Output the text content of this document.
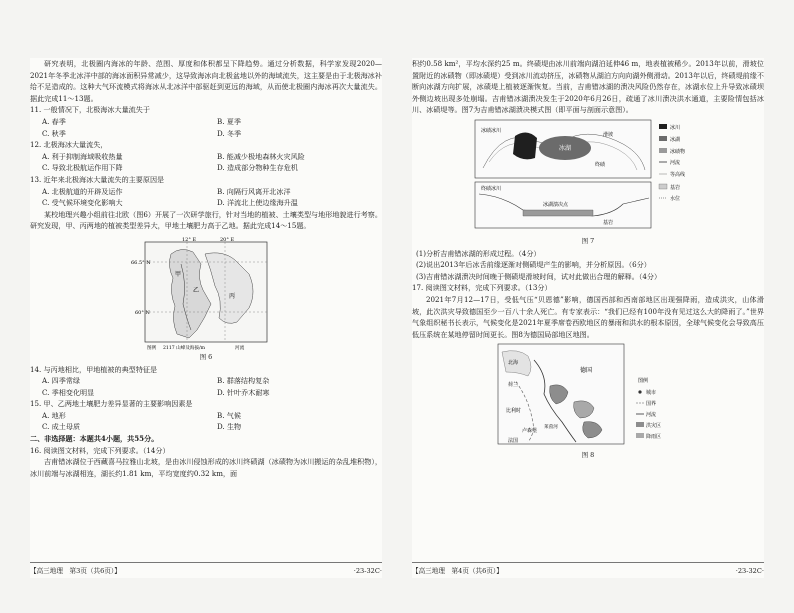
研究表明，北极圈内海冰的年龄、范围、厚度和体积都呈下降趋势。通过分析数据，科学家发现2020—2021年冬季北冰洋中部的海冰面积异常减少，这导致海冰向北极盆地以外的海域流失，这主要是由于北极海冰补给不足造成的。这种大气环流模式将海冰从北冰洋中部驱赶到更远的海域，从而使北极圈内海冰再次大量流失。据此完成11～13题。

11. 一般情况下，北极海冰大量流失于

A. 春季	B. 夏季
C. 秋季	D. 冬季

12. 北极海冰大量流失，

A. 利于抑制海域吸收热量	B. 能减少极地森林火灾风险
C. 导致北极航运作用下降	D. 造成部分物种生存危机

13. 近年来北极海冰大量流失的主要原因是

A. 北极航道的开辟及运作	B. 向隔行风离开北冰洋
C. 受气候环境变化影响大	D. 洋流北上使边缘海升温

某校地理兴趣小组前往北欧（图6）开展了一次研学旅行，针对当地的植被、土壤类型与地形地貌进行考察。研究发现，甲、丙两地的植被类型差异大，甲地土壤肥力高于乙地。据此完成14～15题。

66.5° N
60° N
12° E	20° E
甲
乙
丙
图例 2117 山峰及海拔/m	河流

图 6

14. 与丙地相比，甲地植被的典型特征是

A. 四季常绿	B. 群落结构复杂
C. 季相变化明显	D. 针叶乔木耐寒

15. 甲、乙两地土壤肥力差异显著的主要影响因素是

A. 地形	B. 气候
C. 成土母质	D. 生物

二、非选择题：本题共4小题，共55分。

16. 阅读图文材料，完成下列要求。（14分）

吉甫错冰湖位于西藏喜马拉雅山北坡，是由冰川侵蚀形成的冰川终碛湖（冰碛物为冰川搬运的杂乱堆积物），冰川前端与冰湖相连，湖长约1.81 km，平均宽度约0.32 km，面

【高三地理　第3页（共6页）】	·23-32C·

积约0.58 km²，平均水深约25 m。终碛堤由冰川前端向湖泊延伸46 m，地表植被稀少。2013年以前，滑坡位置附近的冰碛物（即冰碛堤）受到冰川流动挤压，冰碛物从湖泊方向向湖外侧滑动。2013年以后，终碛堤前缘不断向冰湖方向扩展，冰碛堤上植被逐渐恢复。当前，吉甫错冰湖的溃决风险仍然存在，冰湖水位上升导致冰碛坝外侧边坡出现多处崩塌。吉甫错冰湖溃决发生于2020年6月26日，疏通了冰川溃决洪水通道，主要险情包括冰川、冰碛堤等。图7为吉甫错冰湖溃决模式图（即平面与剖面示意图）。

冰碛冰川
冰湖
终碛
滑坡
终碛冰川
冰湖溃决点
基岩
冰川
冰湖
冰碛物
河流
等高线
基岩
水位

图 7

(1)分析吉甫错冰湖的形成过程。（4分）

(2)说出2013年后冰舌前缘逐渐对侧碛堤产生的影响，并分析原因。（6分）

(3)吉甫错冰湖溃决时间晚于侧碛堤滑坡时间，试对此做出合理的解释。（4分）

17. 阅读图文材料，完成下列要求。（13分）

2021年7月12—17日，受低气压“贝恩德”影响，德国西部和西南部地区出现强降雨，造成洪灾，山体滑坡，此次洪灾导致德国至少一百八十余人死亡。有专家表示：“我们已经有100年没有见过这么大的降雨了。”世界气象组织秘书长表示，气候变化是2021年夏季席卷西欧地区的暴雨和洪水的根本原因，全球气候变化会导致高压低压系统在某地停留时间更长。图8为德国局部地区地图。

北海
荷兰
德国
比利时
卢森堡
法国
莱茵河
图例
城市
国界
河流
洪灾区
降雨区

图 8

【高三地理　第4页（共6页）】	·23-32C·
